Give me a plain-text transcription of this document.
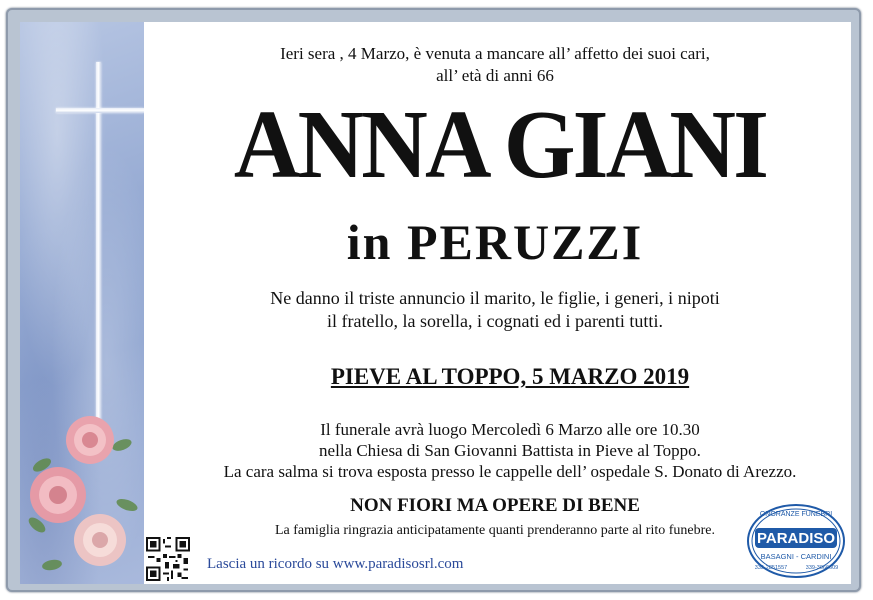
Ieri sera , 4 Marzo, è venuta a mancare all’ affetto dei suoi cari,
all’ età di anni 66
ANNA GIANI
in PERUZZI
Ne danno il triste annuncio il marito, le figlie, i generi, i nipoti
il fratello, la sorella, i cognati ed i parenti tutti.
PIEVE AL TOPPO, 5 MARZO 2019
Il funerale avrà luogo Mercoledì 6 Marzo alle ore 10.30
nella Chiesa di San Giovanni Battista in Pieve al Toppo.
La cara salma si trova esposta presso le cappelle dell’ ospedale S. Donato di Arezzo.
NON FIORI MA OPERE DI BENE
La famiglia ringrazia anticipatamente quanti prenderanno parte al rito funebre.
Lascia un ricordo su www.paradisosrl.com
ONORANZE FUNEBRI
PARADISO
BASAGNI - CARDINI
335-2851557	339-3066609
